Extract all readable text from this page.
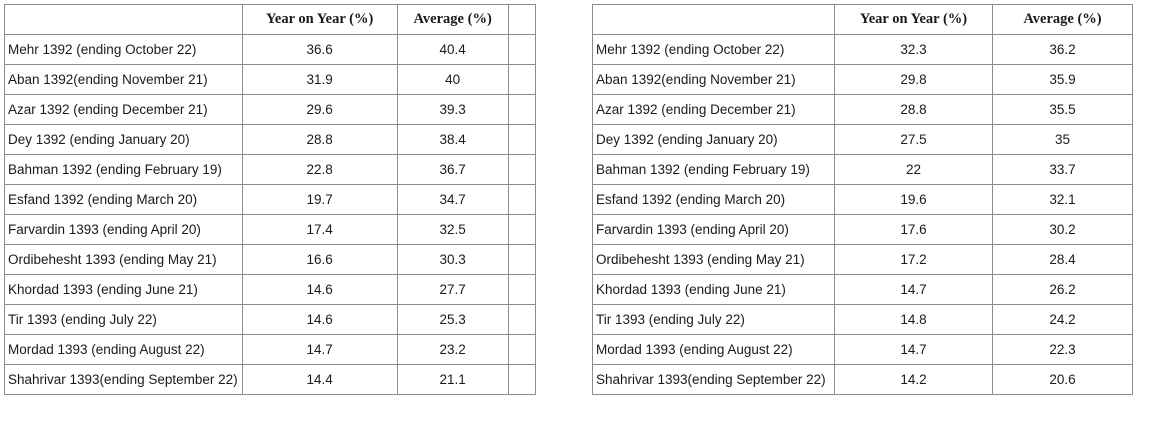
	Year on Year (%)	Average (%)	
Mehr 1392 (ending October 22)	36.6	40.4	
Aban 1392(ending November 21)	31.9	40	
Azar 1392 (ending December 21)	29.6	39.3	
Dey 1392 (ending January 20)	28.8	38.4	
Bahman 1392 (ending February 19)	22.8	36.7	
Esfand 1392 (ending March 20)	19.7	34.7	
Farvardin 1393 (ending April 20)	17.4	32.5	
Ordibehesht 1393 (ending May 21)	16.6	30.3	
Khordad 1393 (ending June 21)	14.6	27.7	
Tir 1393 (ending July 22)	14.6	25.3	
Mordad 1393 (ending August 22)	14.7	23.2	
Shahrivar 1393(ending September 22)	14.4	21.1	
	Year on Year (%)	Average (%)
Mehr 1392 (ending October 22)	32.3	36.2
Aban 1392(ending November 21)	29.8	35.9
Azar 1392 (ending December 21)	28.8	35.5
Dey 1392 (ending January 20)	27.5	35
Bahman 1392 (ending February 19)	22	33.7
Esfand 1392 (ending March 20)	19.6	32.1
Farvardin 1393 (ending April 20)	17.6	30.2
Ordibehesht 1393 (ending May 21)	17.2	28.4
Khordad 1393 (ending June 21)	14.7	26.2
Tir 1393 (ending July 22)	14.8	24.2
Mordad 1393 (ending August 22)	14.7	22.3
Shahrivar 1393(ending September 22)	14.2	20.6
